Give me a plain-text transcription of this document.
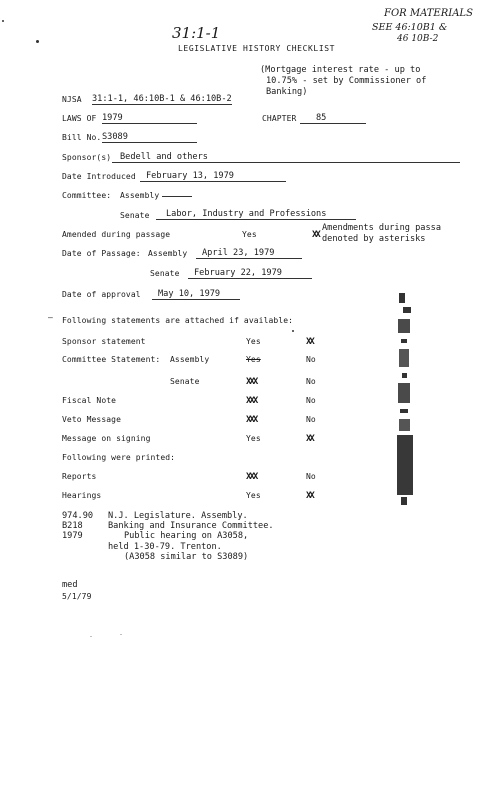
31:1-1
FOR MATERIALS
SEE 46:10B1 &
46 10B-2
LEGISLATIVE HISTORY CHECKLIST
(Mortgage interest rate - up to
10.75% - set by Commissioner of
Banking)
NJSA 31:1-1, 46:10B-1 & 46:10B-2
LAWS OF 1979	CHAPTER	85
Bill No. S3089
Sponsor(s)	Bedell and others
Date Introduced	February 13, 1979
Committee: Assembly
Senate	Labor, Industry and Professions
Amended during passage	Yes	XX
Amendments during passa
denoted by asterisks
Date of Passage: Assembly	April 23, 1979
Senate	February 22, 1979
Date of approval	May 10, 1979
– Following statements are attached if available:
Sponsor statement	Yes	XX
Committee Statement: Assembly	Yes	No
Senate	XXX	No
Fiscal Note	XXX	No
Veto Message	XXX	No
Message on signing	Yes	XX
Following were printed:
Reports	XXX	No
Hearings	Yes	XX
974.90
B218
1979
N.J. Legislature. Assembly.
Banking and Insurance Committee.
Public hearing on A3058,
held 1-30-79. Trenton.
(A3058 similar to S3089)
med
5/1/79
